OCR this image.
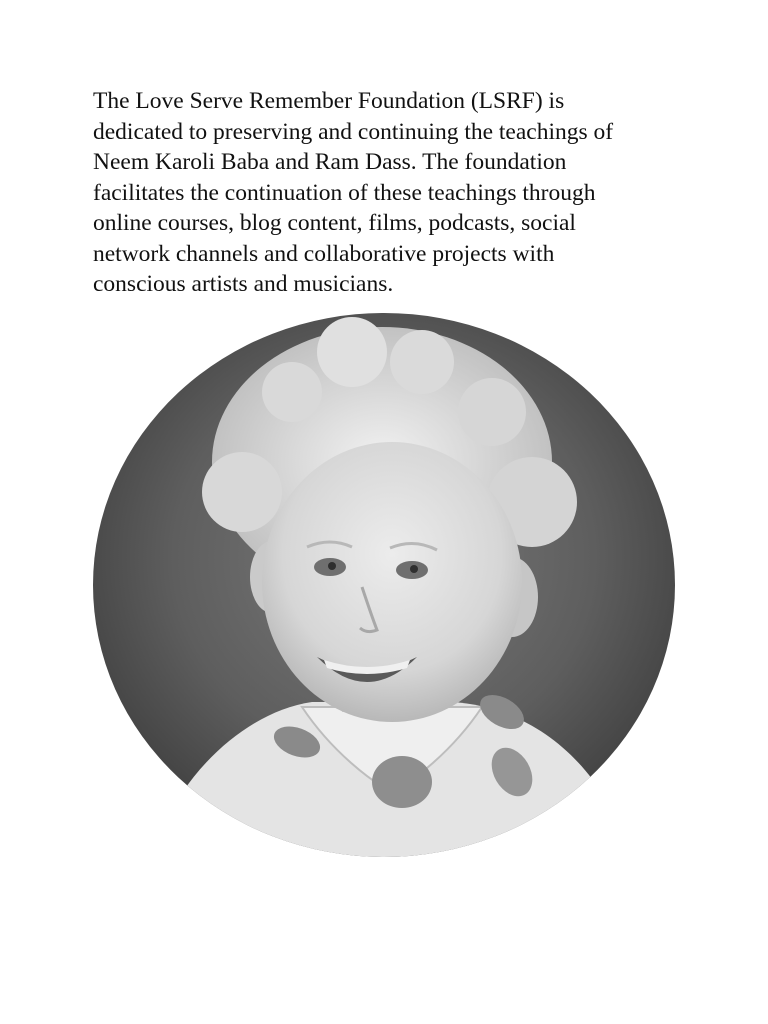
The Love Serve Remember Foundation (LSRF) is
dedicated to preserving and continuing the teachings of
Neem Karoli Baba and Ram Dass. The foundation
facilitates the continuation of these teachings through
online courses, blog content, films, podcasts, social
network channels and collaborative projects with
conscious artists and musicians.
